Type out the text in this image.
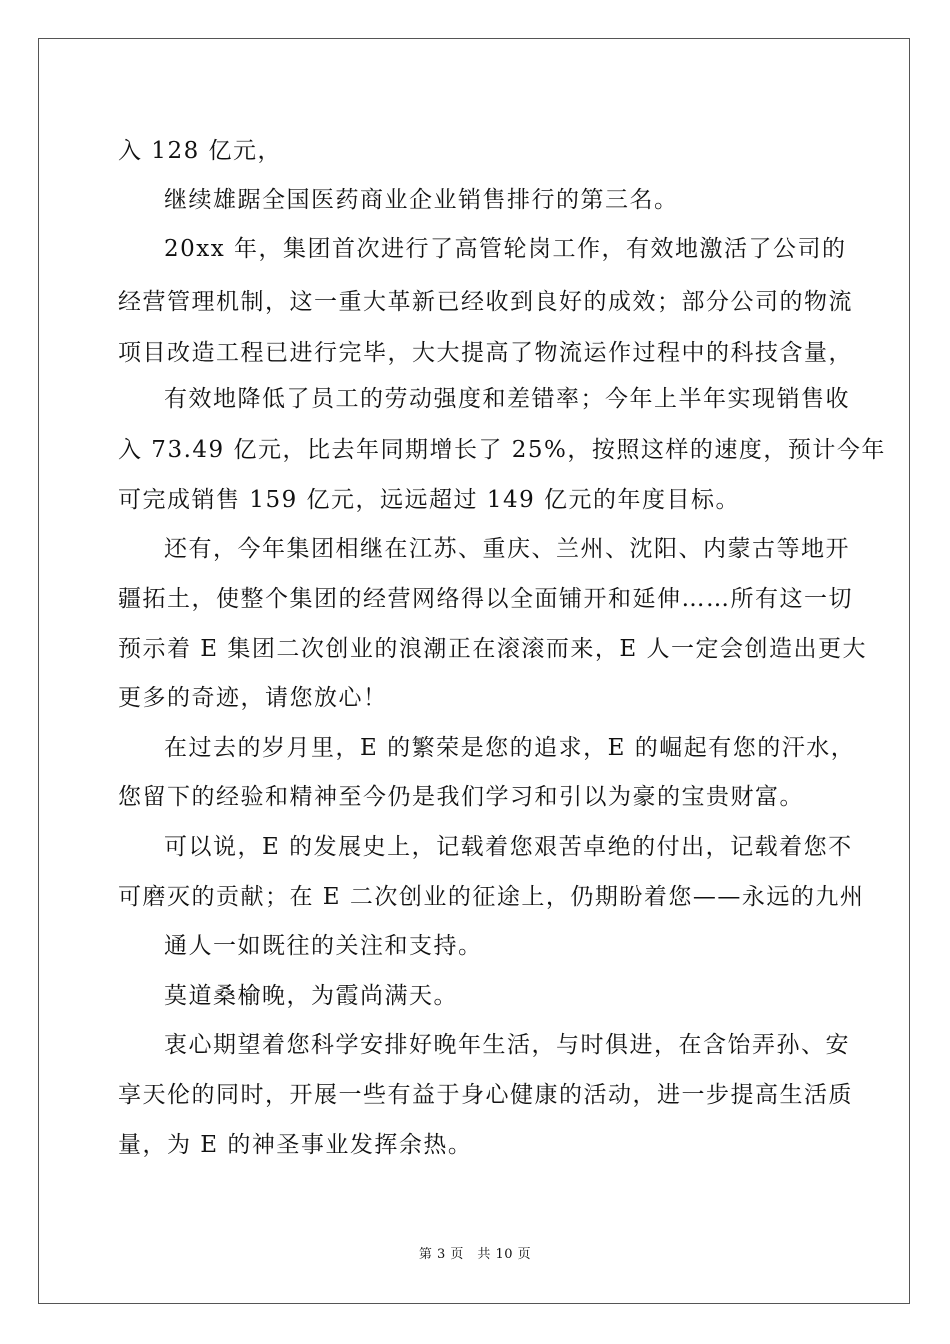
入 128 亿元，
继续雄踞全国医药商业企业销售排行的第三名。
20xx 年，集团首次进行了高管轮岗工作，有效地激活了公司的
经营管理机制，这一重大革新已经收到良好的成效；部分公司的物流
项目改造工程已进行完毕，大大提高了物流运作过程中的科技含量，
有效地降低了员工的劳动强度和差错率；今年上半年实现销售收
入 73.49 亿元，比去年同期增长了 25%，按照这样的速度，预计今年
可完成销售 159 亿元，远远超过 149 亿元的年度目标。
还有，今年集团相继在江苏、重庆、兰州、沈阳、内蒙古等地开
疆拓土，使整个集团的经营网络得以全面铺开和延伸……所有这一切
预示着 E 集团二次创业的浪潮正在滚滚而来，E 人一定会创造出更大
更多的奇迹，请您放心！
在过去的岁月里，E 的繁荣是您的追求，E 的崛起有您的汗水，
您留下的经验和精神至今仍是我们学习和引以为豪的宝贵财富。
可以说，E 的发展史上，记载着您艰苦卓绝的付出，记载着您不
可磨灭的贡献；在 E 二次创业的征途上，仍期盼着您——永远的九州
通人一如既往的关注和支持。
莫道桑榆晚，为霞尚满天。
衷心期望着您科学安排好晚年生活，与时俱进，在含饴弄孙、安
享天伦的同时，开展一些有益于身心健康的活动，进一步提高生活质
量，为 E 的神圣事业发挥余热。
第 3 页　共 10 页
